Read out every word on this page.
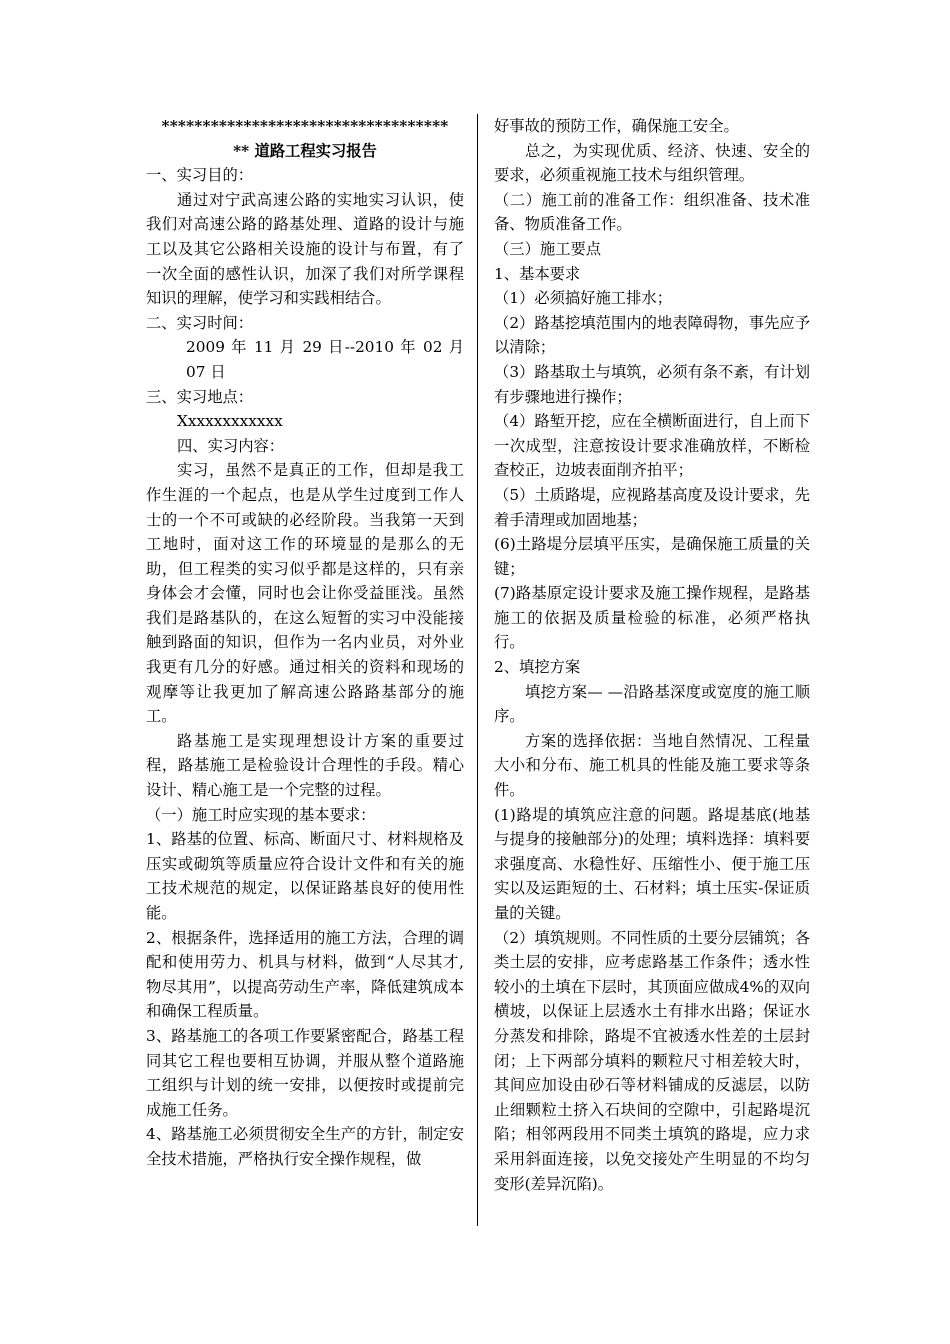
***********************************

** 道路工程实习报告

一、实习目的：

通过对宁武高速公路的实地实习认识，使我们对高速公路的路基处理、道路的设计与施工以及其它公路相关设施的设计与布置，有了一次全面的感性认识，加深了我们对所学课程知识的理解，使学习和实践相结合。

二、实习时间：

2009 年 11 月 29 日--2010 年 02 月 07 日

三、实习地点：

Xxxxxxxxxxxx

四、实习内容：

实习，虽然不是真正的工作，但却是我工作生涯的一个起点，也是从学生过度到工作人士的一个不可或缺的必经阶段。当我第一天到工地时，面对这工作的环境显的是那么的无助，但工程类的实习似乎都是这样的，只有亲身体会才会懂，同时也会让你受益匪浅。虽然我们是路基队的，在这么短暂的实习中没能接触到路面的知识，但作为一名内业员，对外业我更有几分的好感。通过相关的资料和现场的观摩等让我更加了解高速公路路基部分的施工。

路基施工是实现理想设计方案的重要过程，路基施工是检验设计合理性的手段。精心设计、精心施工是一个完整的过程。

（一）施工时应实现的基本要求：

1、路基的位置、标高、断面尺寸、材料规格及压实或砌筑等质量应符合设计文件和有关的施工技术规范的规定，以保证路基良好的使用性能。

2、根据条件，选择适用的施工方法，合理的调配和使用劳力、机具与材料，做到“人尽其才,物尽其用”，以提高劳动生产率，降低建筑成本和确保工程质量。

3、路基施工的各项工作要紧密配合，路基工程同其它工程也要相互协调，并服从整个道路施工组织与计划的统一安排，以便按时或提前完成施工任务。

4、路基施工必须贯彻安全生产的方针，制定安全技术措施，严格执行安全操作规程，做

好事故的预防工作，确保施工安全。

总之，为实现优质、经济、快速、安全的要求，必须重视施工技术与组织管理。

（二）施工前的准备工作：组织准备、技术准备、物质准备工作。

（三）施工要点

1、基本要求

（1）必须搞好施工排水；

（2）路基挖填范围内的地表障碍物，事先应予以清除；

（3）路基取土与填筑，必须有条不紊，有计划有步骤地进行操作；

（4）路堑开挖，应在全横断面进行，自上而下一次成型，注意按设计要求准确放样，不断检查校正，边坡表面削齐拍平；

（5）土质路堤，应视路基高度及设计要求，先着手清理或加固地基；

(6)土路堤分层填平压实，是确保施工质量的关键；

(7)路基原定设计要求及施工操作规程，是路基施工的依据及质量检验的标准，必须严格执行。

2、填挖方案

填挖方案— —沿路基深度或宽度的施工顺序。

方案的选择依据：当地自然情况、工程量大小和分布、施工机具的性能及施工要求等条件。

(1)路堤的填筑应注意的问题。路堤基底(地基与提身的接触部分)的处理；填料选择：填料要求强度高、水稳性好、压缩性小、便于施工压实以及运距短的土、石材料；填土压实-保证质量的关键。

（2）填筑规则。不同性质的土要分层铺筑；各类土层的安排，应考虑路基工作条件；透水性较小的土填在下层时，其顶面应做成4%的双向横坡，以保证上层透水土有排水出路；保证水分蒸发和排除，路堤不宜被透水性差的土层封闭；上下两部分填料的颗粒尺寸相差较大时，其间应加设由砂石等材料铺成的反滤层，以防止细颗粒土挤入石块间的空隙中，引起路堤沉陷；相邻两段用不同类土填筑的路堤，应力求采用斜面连接，以免交接处产生明显的不均匀变形(差异沉陷)。
